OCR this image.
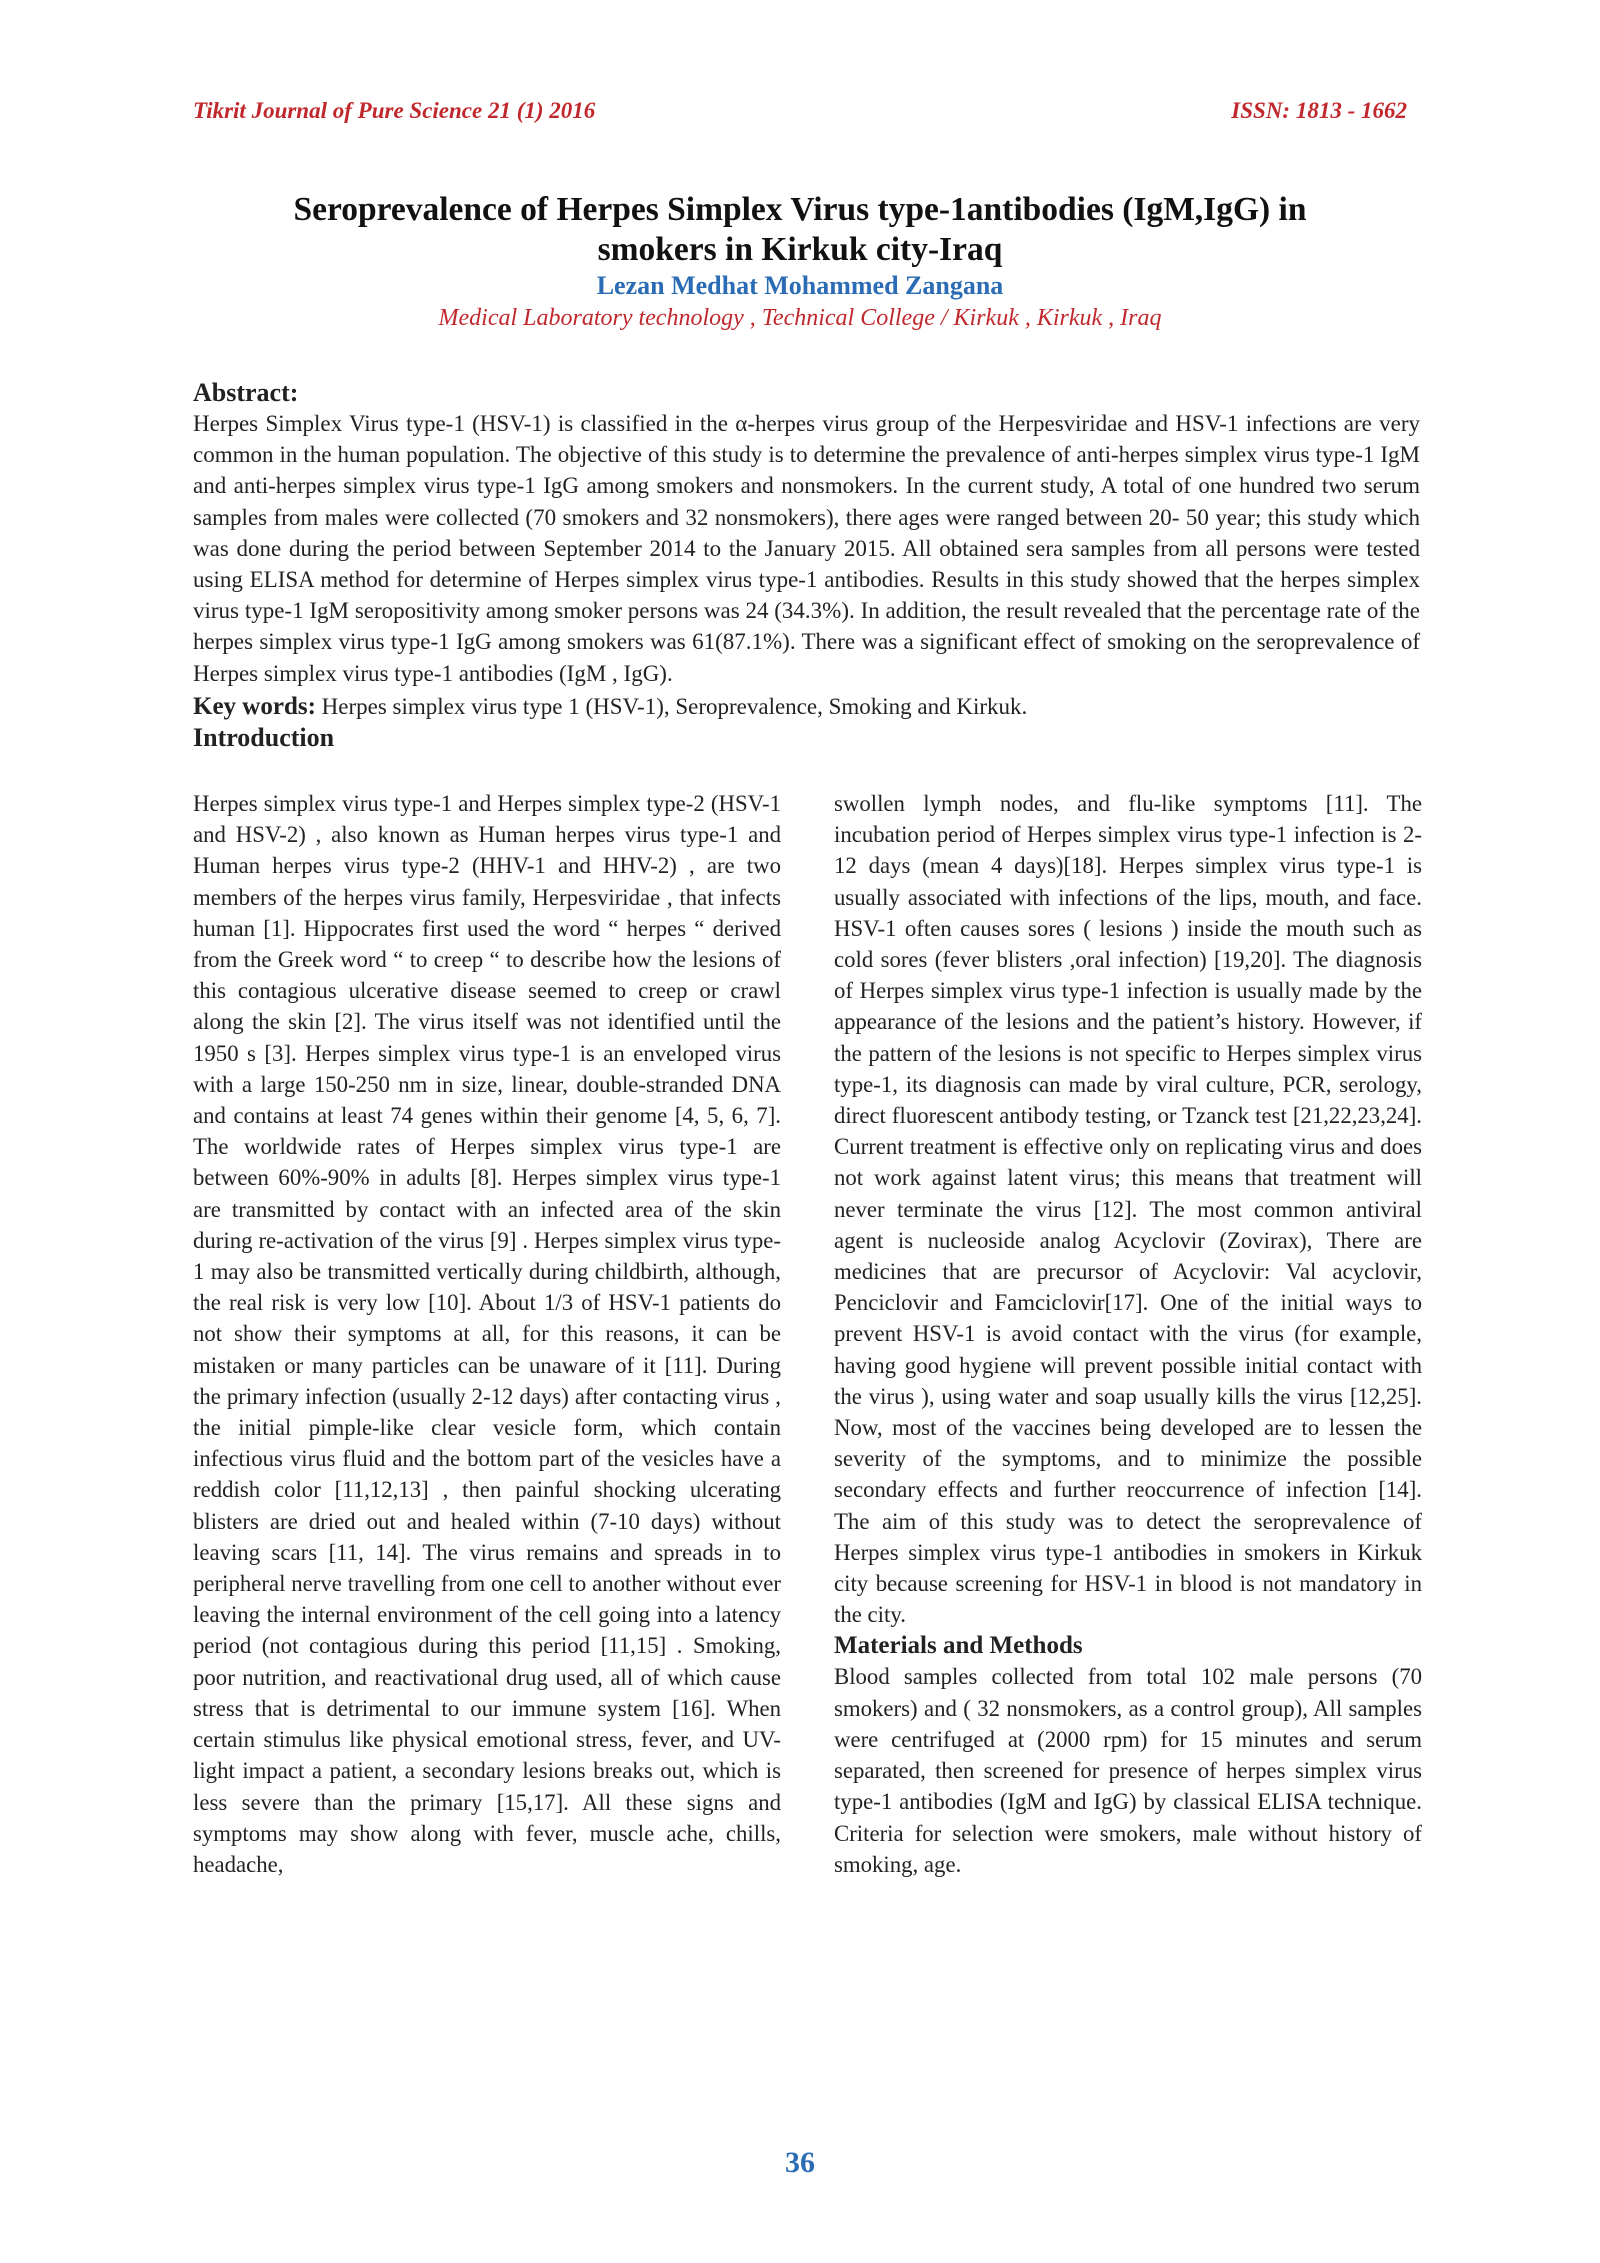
Tikrit Journal of Pure Science 21 (1) 2016	ISSN: 1813 - 1662
Seroprevalence of Herpes Simplex Virus type-1antibodies (IgM,IgG) in
smokers in Kirkuk city-Iraq
Lezan Medhat Mohammed Zangana
Medical Laboratory technology , Technical College / Kirkuk , Kirkuk , Iraq

Abstract:

Herpes Simplex Virus type-1 (HSV-1) is classified in the α-herpes virus group of the Herpesviridae and HSV-1 infections are very common in the human population. The objective of this study is to determine the prevalence of anti-herpes simplex virus type-1 IgM and anti-herpes simplex virus type-1 IgG among smokers and nonsmokers. In the current study, A total of one hundred two serum samples from males were collected (70 smokers and 32 nonsmokers), there ages were ranged between 20- 50 year; this study which was done during the period between September 2014 to the January 2015. All obtained sera samples from all persons were tested using ELISA method for determine of Herpes simplex virus type-1 antibodies. Results in this study showed that the herpes simplex virus type-1 IgM seropositivity among smoker persons was 24 (34.3%). In addition, the result revealed that the percentage rate of the herpes simplex virus type-1 IgG among smokers was 61(87.1%). There was a significant effect of smoking on the seroprevalence of Herpes simplex virus type-1 antibodies (IgM , IgG).

Key words: Herpes simplex virus type 1 (HSV-1), Seroprevalence, Smoking and Kirkuk.

Introduction

Herpes simplex virus type-1 and Herpes simplex type-2 (HSV-1 and HSV-2) , also known as Human herpes virus type-1 and Human herpes virus type-2 (HHV-1 and HHV-2) , are two members of the herpes virus family, Herpesviridae , that infects human [1]. Hippocrates first used the word “ herpes “ derived from the Greek word “ to creep “ to describe how the lesions of this contagious ulcerative disease seemed to creep or crawl along the skin [2]. The virus itself was not identified until the 1950 s [3]. Herpes simplex virus type-1 is an enveloped virus with a large 150-250 nm in size, linear, double-stranded DNA and contains at least 74 genes within their genome [4, 5, 6, 7]. The worldwide rates of Herpes simplex virus type-1 are between 60%-90% in adults [8]. Herpes simplex virus type-1 are transmitted by contact with an infected area of the skin during re-activation of the virus [9] . Herpes simplex virus type-1 may also be transmitted vertically during childbirth, although, the real risk is very low [10]. About 1/3 of HSV-1 patients do not show their symptoms at all, for this reasons, it can be mistaken or many particles can be unaware of it [11]. During the primary infection (usually 2-12 days) after contacting virus , the initial pimple-like clear vesicle form, which contain infectious virus fluid and the bottom part of the vesicles have a reddish color [11,12,13] , then painful shocking ulcerating blisters are dried out and healed within (7-10 days) without leaving scars [11, 14]. The virus remains and spreads in to peripheral nerve travelling from one cell to another without ever leaving the internal environment of the cell going into a latency period (not contagious during this period [11,15] . Smoking, poor nutrition, and reactivational drug used, all of which cause stress that is detrimental to our immune system [16]. When certain stimulus like physical emotional stress, fever, and UV-light impact a patient, a secondary lesions breaks out, which is less severe than the primary [15,17]. All these signs and symptoms may show along with fever, muscle ache, chills, headache,

swollen lymph nodes, and flu-like symptoms [11]. The incubation period of Herpes simplex virus type-1 infection is 2-12 days (mean 4 days)[18]. Herpes simplex virus type-1 is usually associated with infections of the lips, mouth, and face. HSV-1 often causes sores ( lesions ) inside the mouth such as cold sores (fever blisters ,oral infection) [19,20]. The diagnosis of Herpes simplex virus type-1 infection is usually made by the appearance of the lesions and the patient’s history. However, if the pattern of the lesions is not specific to Herpes simplex virus type-1, its diagnosis can made by viral culture, PCR, serology, direct fluorescent antibody testing, or Tzanck test [21,22,23,24]. Current treatment is effective only on replicating virus and does not work against latent virus; this means that treatment will never terminate the virus [12]. The most common antiviral agent is nucleoside analog Acyclovir (Zovirax), There are medicines that are precursor of Acyclovir: Val acyclovir, Penciclovir and Famciclovir[17]. One of the initial ways to prevent HSV-1 is avoid contact with the virus (for example, having good hygiene will prevent possible initial contact with the virus ), using water and soap usually kills the virus [12,25]. Now, most of the vaccines being developed are to lessen the severity of the symptoms, and to minimize the possible secondary effects and further reoccurrence of infection [14]. The aim of this study was to detect the seroprevalence of Herpes simplex virus type-1 antibodies in smokers in Kirkuk city because screening for HSV-1 in blood is not mandatory in the city.

Materials and Methods

Blood samples collected from total 102 male persons (70 smokers) and ( 32 nonsmokers, as a control group), All samples were centrifuged at (2000 rpm) for 15 minutes and serum separated, then screened for presence of herpes simplex virus type-1 antibodies (IgM and IgG) by classical ELISA technique. Criteria for selection were smokers, male without history of smoking, age.

36
